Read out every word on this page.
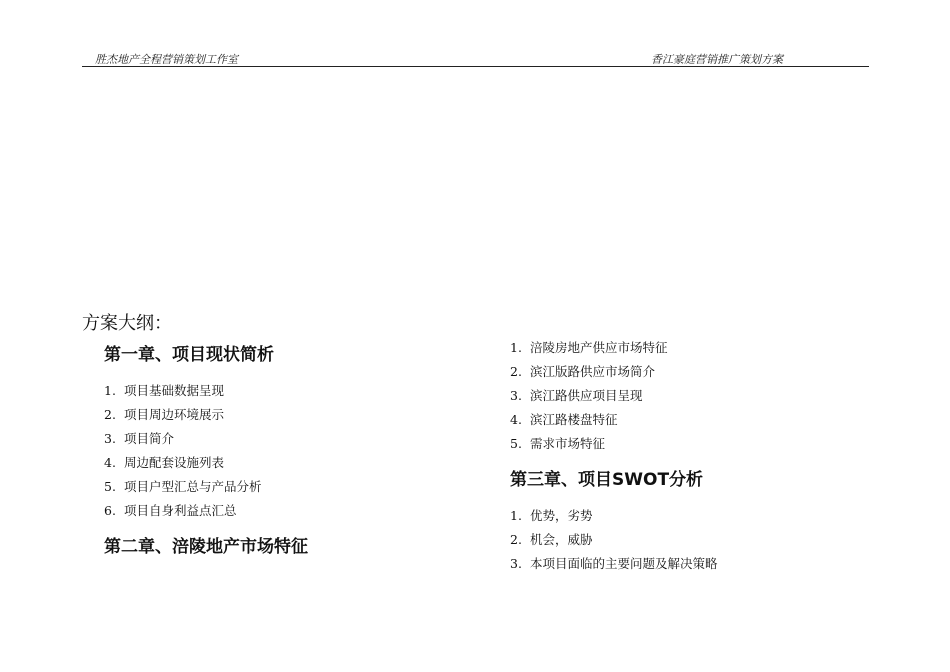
胜杰地产全程营销策划工作室	香江豪庭营销推广策划方案
方案大纲：
第一章、项目现状简析
1. 项目基础数据呈现
2. 项目周边环境展示
3. 项目简介
4. 周边配套设施列表
5. 项目户型汇总与产品分析
6. 项目自身利益点汇总
第二章、涪陵地产市场特征
1. 涪陵房地产供应市场特征
2. 滨江版路供应市场简介
3. 滨江路供应项目呈现
4. 滨江路楼盘特征
5. 需求市场特征
第三章、项目SWOT分析
1. 优势，劣势
2. 机会，威胁
3. 本项目面临的主要问题及解决策略
